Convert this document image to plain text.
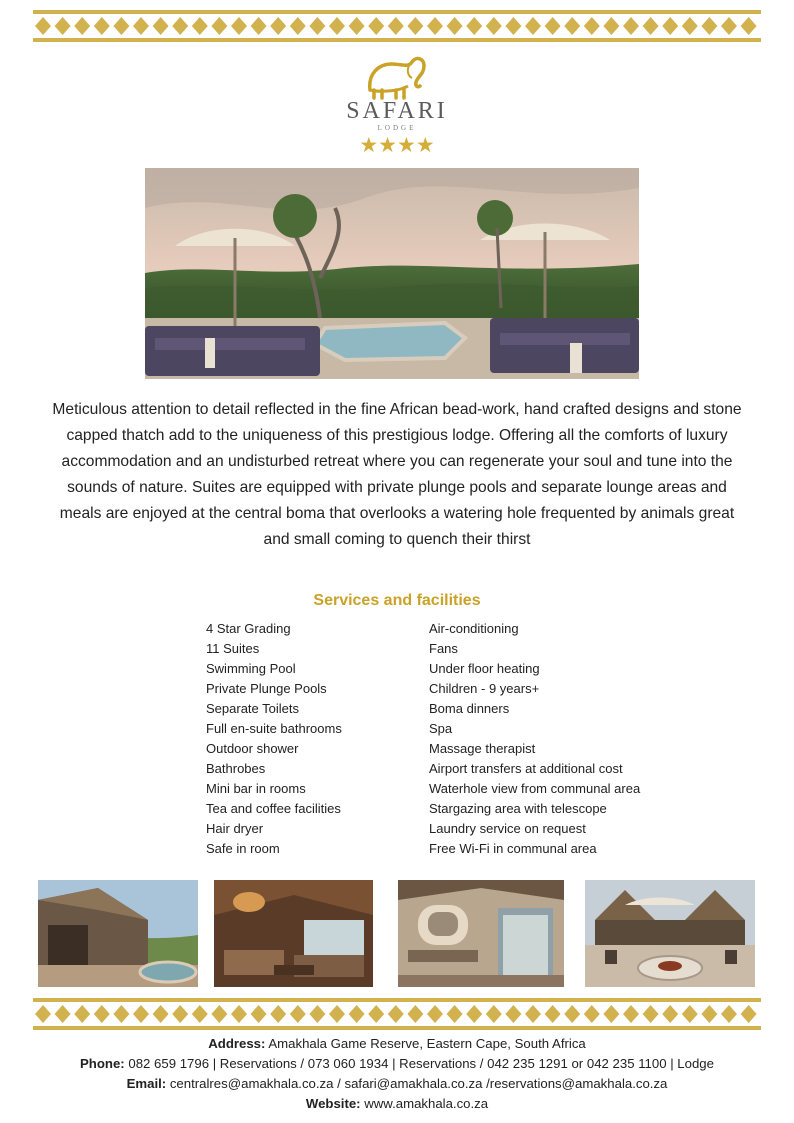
SAFARI
LODGE
★★★★
Meticulous attention to detail reflected in the fine African bead-work, hand crafted designs and stone capped thatch add to the uniqueness of this prestigious lodge. Offering all the comforts of luxury accommodation and an undisturbed retreat where you can regenerate your soul and tune into the sounds of nature. Suites are equipped with private plunge pools and separate lounge areas and meals are enjoyed at the central boma that overlooks a watering hole frequented by animals great and small coming to quench their thirst
Services and facilities
4 Star Grading
11 Suites
Swimming Pool
Private Plunge Pools
Separate Toilets
Full en-suite bathrooms
Outdoor shower
Bathrobes
Mini bar in rooms
Tea and coffee facilities
Hair dryer
Safe in room
Air-conditioning
Fans
Under floor heating
Children - 9 years+
Boma dinners
Spa
Massage therapist
Airport transfers at additional cost
Waterhole view from communal area
Stargazing area with telescope
Laundry service on request
Free Wi-Fi in communal area
Address: Amakhala Game Reserve, Eastern Cape, South Africa
Phone: 082 659 1796 | Reservations / 073 060 1934 | Reservations / 042 235 1291 or 042 235 1100 | Lodge
Email: centralres@amakhala.co.za / safari@amakhala.co.za /reservations@amakhala.co.za
Website: www.amakhala.co.za
